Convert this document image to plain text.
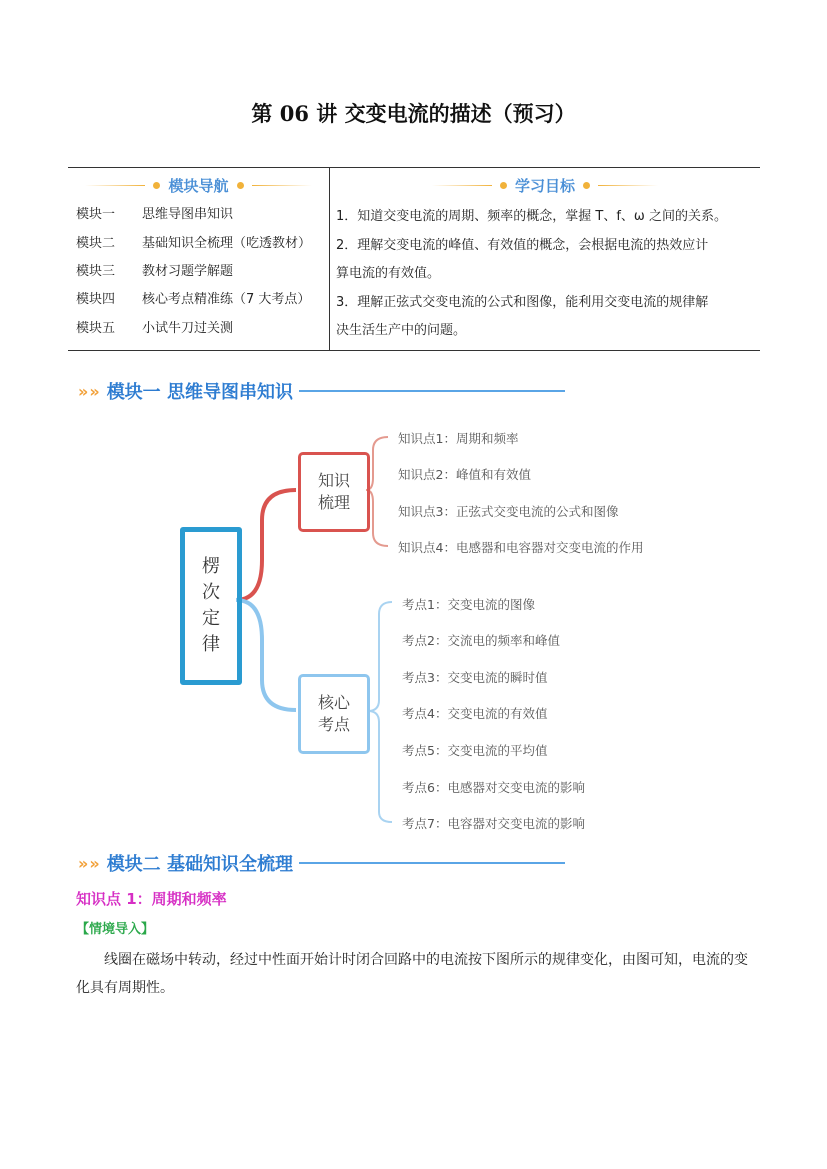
第 06 讲 交变电流的描述（预习）
模块导航
模块一 思维导图串知识
模块二 基础知识全梳理（吃透教材）
模块三 教材习题学解题
模块四 核心考点精准练（7 大考点）
模块五 小试牛刀过关测
学习目标
1．知道交变电流的周期、频率的概念，掌握 T、f、ω 之间的关系。
2．理解交变电流的峰值、有效值的概念，会根据电流的热效应计
算电流的有效值。
3．理解正弦式交变电流的公式和图像，能利用交变电流的规律解
决生活生产中的问题。
» » 模块一 思维导图串知识
楞
次
定
律
知识
梳理
核心
考点
知识点1：周期和频率
知识点2：峰值和有效值
知识点3：正弦式交变电流的公式和图像
知识点4：电感器和电容器对交变电流的作用
考点1：交变电流的图像
考点2：交流电的频率和峰值
考点3：交变电流的瞬时值
考点4：交变电流的有效值
考点5：交变电流的平均值
考点6：电感器对交变电流的影响
考点7：电容器对交变电流的影响
» » 模块二 基础知识全梳理
知识点 1：周期和频率
【情境导入】
线圈在磁场中转动，经过中性面开始计时闭合回路中的电流按下图所示的规律变化，由图可知，电流的变化具有周期性。
